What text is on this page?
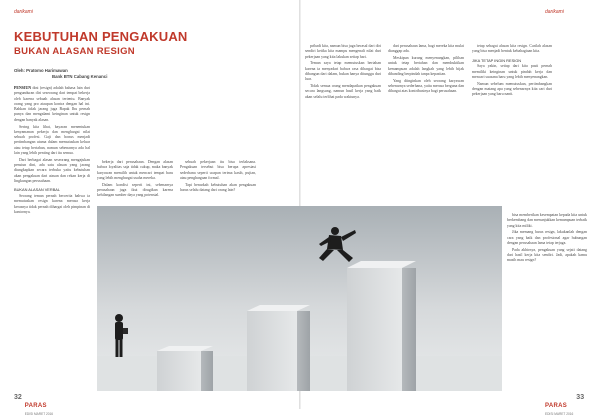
darikami	darikami
KEBUTUHAN PENGAKUAN
BUKAN ALASAN RESIGN
Oleh: Pratomo Harimawan
Bank BTN Cabang Kenanci

PENSIUN dini (resign) adalah bahasa lain dari pengunduran diri seseorang dari tempat bekerja oleh karena sebuah alasan tertentu. Banyak orang yang pro ataupun kontra dengan hal ini. Bahkan tidak jarang juga Bapak Ibu pernah punya dan mengalami keinginan untuk resign dengan banyak alasan.

Sering kita lihat, bayaran menentukan kenyamanan pekerja dan menghargai nilai sebuah profesi. Gaji dan bonus menjadi pertimbangan utama dalam memutuskan keluar atau tetap bertahan, namun sebenarnya ada hal lain yang lebih penting dari itu semua.

Dari berbagai alasan seseorang mengajukan pensiun dini, ada satu alasan yang jarang diungkapkan secara terbuka yaitu kebutuhan akan pengakuan dari atasan dan rekan kerja di lingkungan perusahaan.

BUKAN ALASAN VERBAL

Seorang teman pernah bercerita bahwa ia memutuskan resign karena merasa kerja kerasnya tidak pernah dihargai oleh pimpinan di kantornya.

bekerja dari perusahaan. Dengan alasan bahwa loyalitas saja tidak cukup, maka banyak karyawan memilih untuk mencari tempat baru yang lebih menghargai usaha mereka.

Dalam kondisi seperti ini, sebenarnya perusahaan juga ikut dirugikan karena kehilangan sumber daya yang potensial.

sebuah pekerjaan itu bisa terlaksana. Pengakuan tersebut bisa berupa apresiasi sederhana seperti ucapan terima kasih, pujian, atau penghargaan formal.

Tapi benarkah kebutuhan akan pengakuan harus selalu datang dari orang lain?

pribadi kita, namun bisa juga berasal dari diri sendiri ketika kita mampu mengenali nilai dari pekerjaan yang kita lakukan setiap hari.

Teman saya tetap memutuskan bertahan karena ia menyadari bahwa rasa dihargai bisa dibangun dari dalam, bukan hanya ditunggu dari luar.

Tidak semua orang mendapatkan pengakuan secara langsung, namun hasil kerja yang baik akan selalu terlihat pada waktunya.

dari perusahaan lama, bagi mereka kita mulai dianggap ada.

Meskipun kurang menyenangkan, pilihan untuk tetap bertahan dan membuktikan kemampuan adalah langkah yang lebih bijak dibanding berpindah tanpa kepastian.

Yang diinginkan oleh seorang karyawan sebenarnya sederhana, yaitu merasa berguna dan dihargai atas kontribusinya bagi perusahaan.

tetap sebagai alasan kita resign. Carilah alasan yang bisa menjadi bentuk kebahagiaan kita.

JIKA TETAP INGIN RESIGN

Saya yakin, setiap dari kita pasti pernah memiliki keinginan untuk pindah kerja dan mencari suasana baru yang lebih menyenangkan.

Namun sebelum memutuskan, pertimbangkan dengan matang apa yang sebenarnya kita cari dari pekerjaan yang baru nanti.

bisa memberikan kesempatan kepada kita untuk berkembang dan menunjukkan kemampuan terbaik yang kita miliki.

Jika memang harus resign, lakukanlah dengan cara yang baik dan profesional agar hubungan dengan perusahaan lama tetap terjaga.

Pada akhirnya, pengakuan yang sejati datang dari hasil kerja kita sendiri. Jadi, apakah kamu masih mau resign?

32
PARAS
EDISI MARET 2016
PARAS
EDISI MARET 2016
33
